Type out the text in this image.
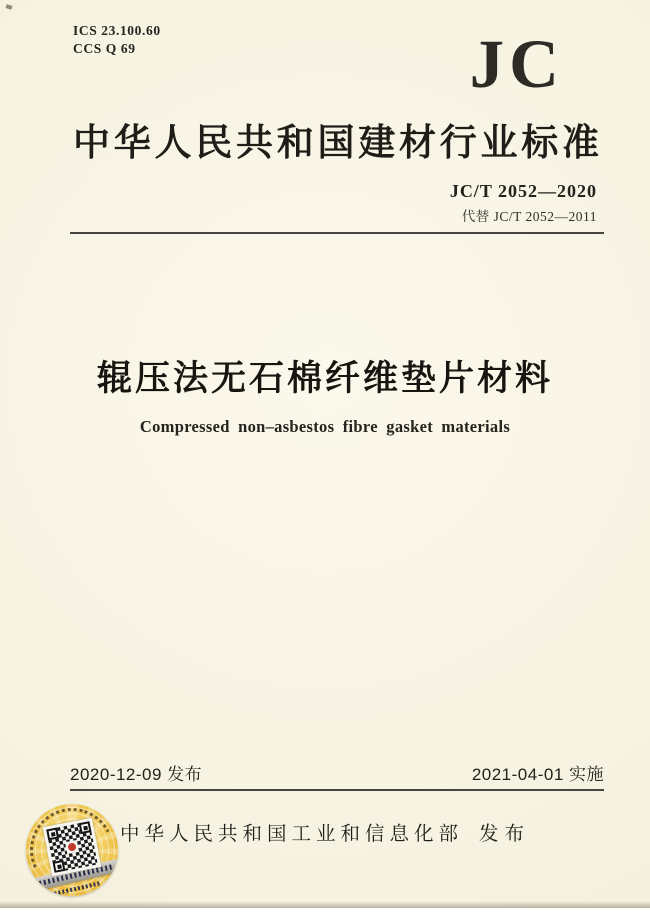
ICS 23.100.60
CCS Q 69	JC
中华人民共和国建材行业标准
JC/T 2052—2020
代替 JC/T 2052—2011
辊压法无石棉纤维垫片材料
Compressed non–asbestos fibre gasket materials
2020-12-09 发布	2021-04-01 实施
中华人民共和国工业和信息化部 发布
